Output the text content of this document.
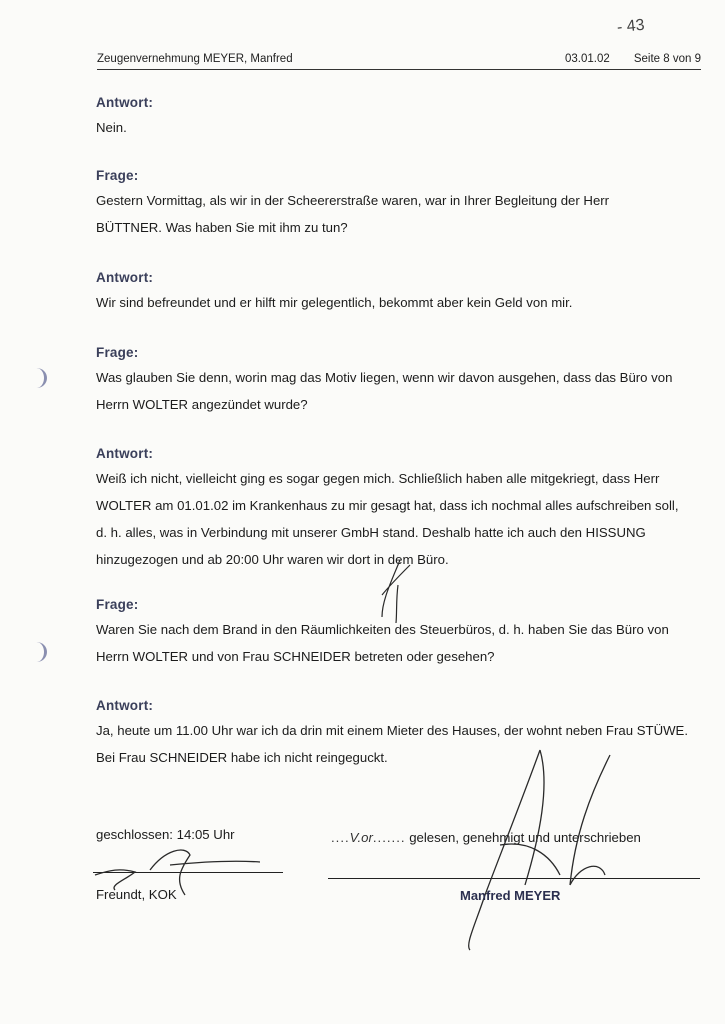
- 43
Zeugenvernehmung MEYER, Manfred	03.01.02 Seite 8 von 9
Antwort:
Nein.
Frage:
Gestern Vormittag, als wir in der Scheererstraße waren, war in Ihrer Begleitung der Herr BÜTTNER. Was haben Sie mit ihm zu tun?
Antwort:
Wir sind befreundet und er hilft mir gelegentlich, bekommt aber kein Geld von mir.
Frage:
Was glauben Sie denn, worin mag das Motiv liegen, wenn wir davon ausgehen, dass das Büro von Herrn WOLTER angezündet wurde?
Antwort:
Weiß ich nicht, vielleicht ging es sogar gegen mich. Schließlich haben alle mitgekriegt, dass Herr WOLTER am 01.01.02 im Krankenhaus zu mir gesagt hat, dass ich nochmal alles aufschreiben soll, d. h. alles, was in Verbindung mit unserer GmbH stand. Deshalb hatte ich auch den HISSUNG hinzugezogen und ab 20:00 Uhr waren wir dort in dem Büro.
Frage:
Waren Sie nach dem Brand in den Räumlichkeiten des Steuerbüros, d. h. haben Sie das Büro von Herrn WOLTER und von Frau SCHNEIDER betreten oder gesehen?
Antwort:
Ja, heute um 11.00 Uhr war ich da drin mit einem Mieter des Hauses, der wohnt neben Frau STÜWE. Bei Frau SCHNEIDER habe ich nicht reingeguckt.
geschlossen: 14:05 Uhr	....V.or....... gelesen, genehmigt und unterschrieben
Freundt, KOK	Manfred MEYER
